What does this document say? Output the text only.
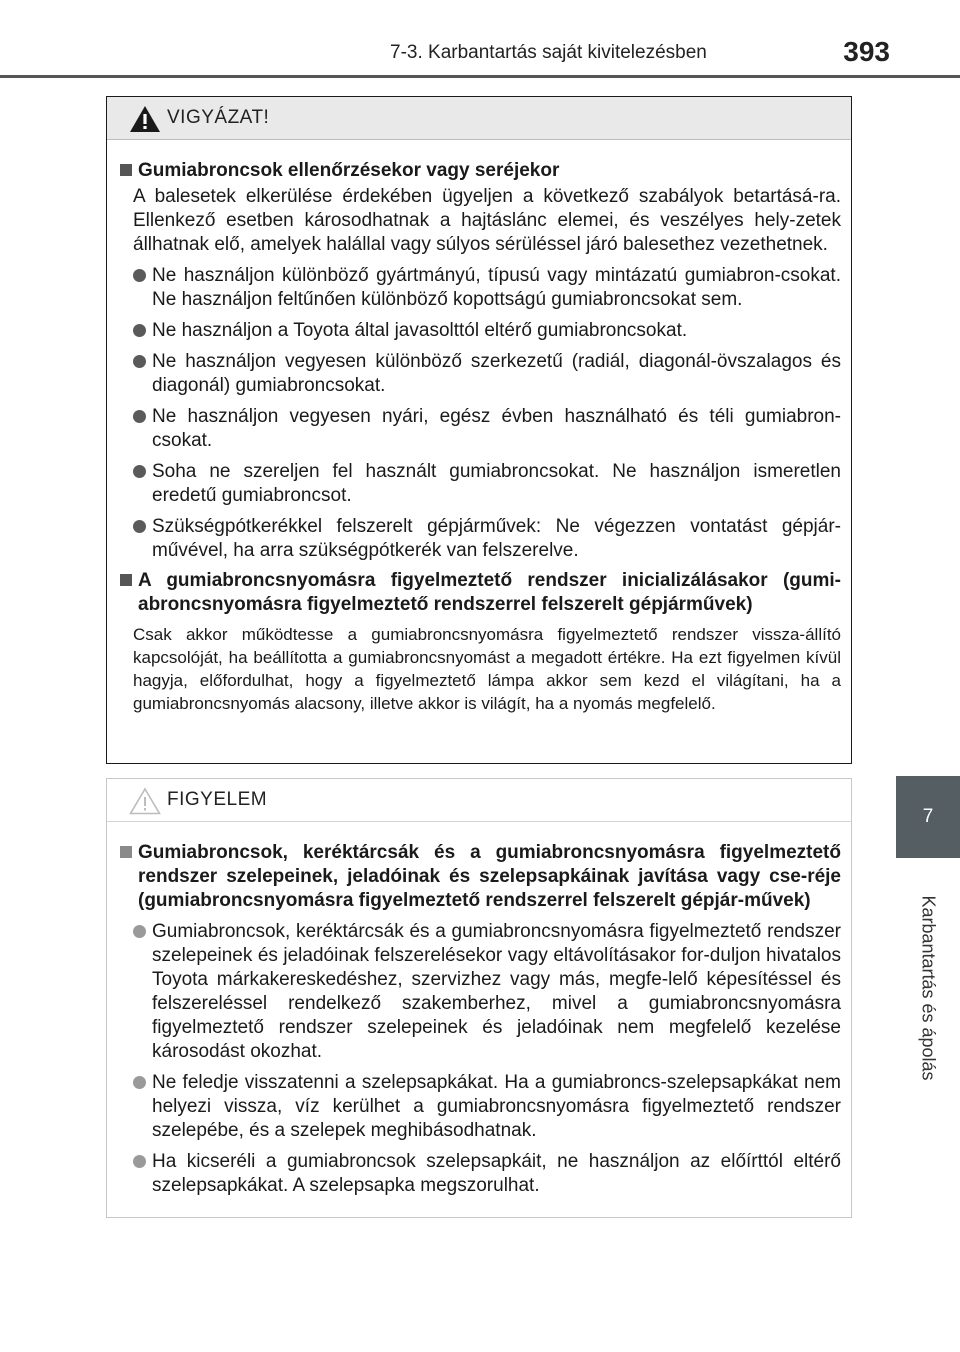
7-3. Karbantartás saját kivitelezésben	393
7
Karbantartás és ápolás
VIGYÁZAT!
Gumiabroncsok ellenőrzésekor vagy seréjekor
A balesetek elkerülése érdekében ügyeljen a következő szabályok betartásá-ra. Ellenkező esetben károsodhatnak a hajtáslánc elemei, és veszélyes hely-zetek állhatnak elő, amelyek halállal vagy súlyos sérüléssel járó balesethez vezethetnek.
Ne használjon különböző gyártmányú, típusú vagy mintázatú gumiabron-csokat. Ne használjon feltűnően különböző kopottságú gumiabroncsokat sem.
Ne használjon a Toyota által javasolttól eltérő gumiabroncsokat.
Ne használjon vegyesen különböző szerkezetű (radiál, diagonál-övszalagos és diagonál) gumiabroncsokat.
Ne használjon vegyesen nyári, egész évben használható és téli gumiabron-csokat.
Soha ne szereljen fel használt gumiabroncsokat. Ne használjon ismeretlen eredetű gumiabroncsot.
Szükségpótkerékkel felszerelt gépjárművek: Ne végezzen vontatást gépjár-művével, ha arra szükségpótkerék van felszerelve.
A gumiabroncsnyomásra figyelmeztető rendszer inicializálásakor (gumi-abroncsnyomásra figyelmeztető rendszerrel felszerelt gépjárművek)
Csak akkor működtesse a gumiabroncsnyomásra figyelmeztető rendszer vissza-állító kapcsolóját, ha beállította a gumiabroncsnyomást a megadott értékre. Ha ezt figyelmen kívül hagyja, előfordulhat, hogy a figyelmeztető lámpa akkor sem kezd el világítani, ha a gumiabroncsnyomás alacsony, illetve akkor is világít, ha a nyomás megfelelő.
FIGYELEM
Gumiabroncsok, keréktárcsák és a gumiabroncsnyomásra figyelmeztető rendszer szelepeinek, jeladóinak és szelepsapkáinak javítása vagy cse-réje (gumiabroncsnyomásra figyelmeztető rendszerrel felszerelt gépjár-művek)
Gumiabroncsok, keréktárcsák és a gumiabroncsnyomásra figyelmeztető rendszer szelepeinek és jeladóinak felszerelésekor vagy eltávolításakor for-duljon hivatalos Toyota márkakereskedéshez, szervizhez vagy más, megfe-lelő képesítéssel és felszereléssel rendelkező szakemberhez, mivel a gumiabroncsnyomásra figyelmeztető rendszer szelepeinek és jeladóinak nem megfelelő kezelése károsodást okozhat.
Ne feledje visszatenni a szelepsapkákat. Ha a gumiabroncs-szelepsapkákat nem helyezi vissza, víz kerülhet a gumiabroncsnyomásra figyelmeztető rendszer szelepébe, és a szelepek meghibásodhatnak.
Ha kicseréli a gumiabroncsok szelepsapkáit, ne használjon az előírttól eltérő szelepsapkákat. A szelepsapka megszorulhat.
